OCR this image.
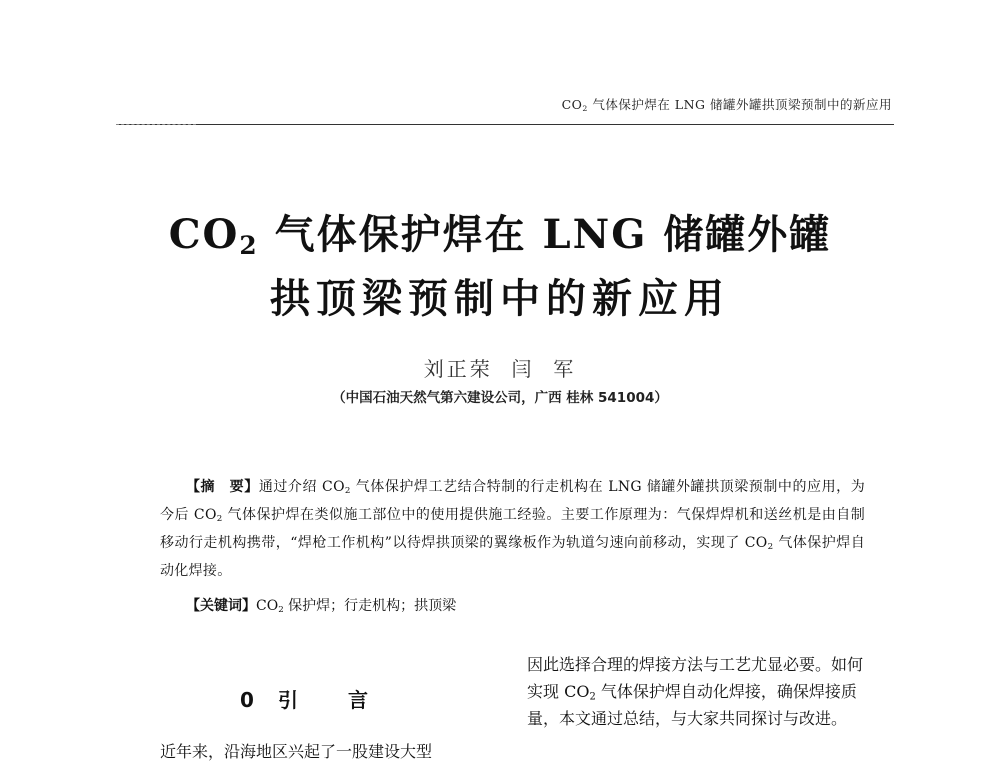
$CO_2$ 气体保护焊在 LNG 储罐外罐拱顶梁预制中的新应用
$CO_2$ 气体保护焊在 LNG 储罐外罐
拱顶梁预制中的新应用
刘正荣  闫  军
（中国石油天然气第六建设公司，广西 桂林 541004）

【摘　要】通过介绍 $CO_2$ 气体保护焊工艺结合特制的行走机构在 LNG 储罐外罐拱顶梁预制中的应用，为今后 $CO_2$ 气体保护焊在类似施工部位中的使用提供施工经验。主要工作原理为：气保焊焊机和送丝机是由自制移动行走机构携带，“焊枪工作机构”以待焊拱顶梁的翼缘板作为轨道匀速向前移动，实现了 $CO_2$ 气体保护焊自动化焊接。

【关键词】$CO_2$ 保护焊；行走机构；拱顶梁
0 引	言
因此选择合理的焊接方法与工艺尤显必要。如何
实现 $CO_2$ 气体保护焊自动化焊接，确保焊接质
量，本文通过总结，与大家共同探讨与改进。
近年来，沿海地区兴起了一股建设大型
